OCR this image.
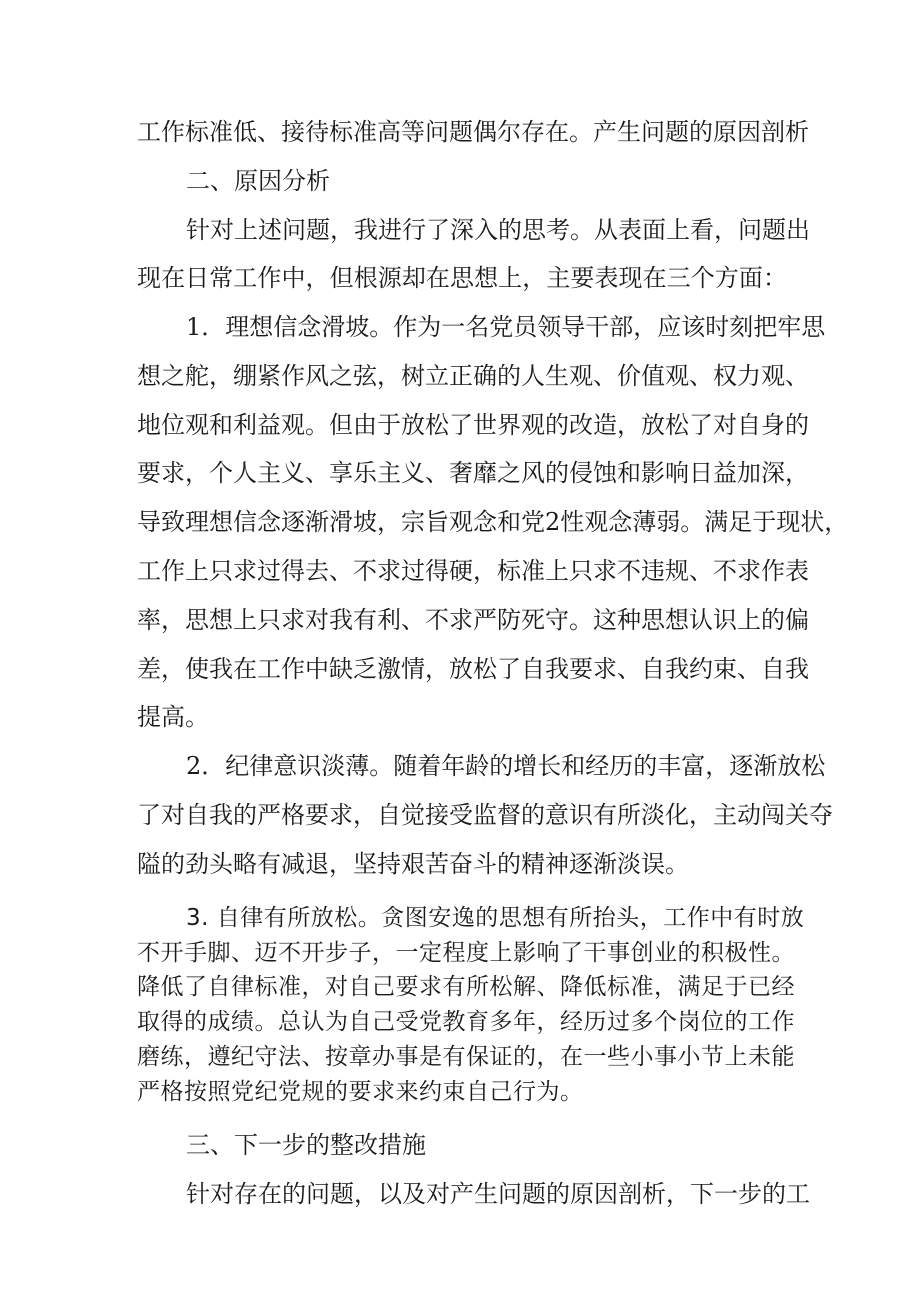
工作标准低、接待标准高等问题偶尔存在。产生问题的原因剖析

二、原因分析

针对上述问题，我进行了深入的思考。从表面上看，问题出

现在日常工作中，但根源却在思想上，主要表现在三个方面：

1．理想信念滑坡。作为一名党员领导干部，应该时刻把牢思

想之舵，绷紧作风之弦，树立正确的人生观、价值观、权力观、

地位观和利益观。但由于放松了世界观的改造，放松了对自身的

要求，个人主义、享乐主义、奢靡之风的侵蚀和影响日益加深，

导致理想信念逐渐滑坡，宗旨观念和党2性观念薄弱。满足于现状，

工作上只求过得去、不求过得硬，标准上只求不违规、不求作表

率，思想上只求对我有利、不求严防死守。这种思想认识上的偏

差，使我在工作中缺乏激情，放松了自我要求、自我约束、自我

提高。

2．纪律意识淡薄。随着年龄的增长和经历的丰富，逐渐放松

了对自我的严格要求，自觉接受监督的意识有所淡化，主动闯关夺

隘的劲头略有减退，坚持艰苦奋斗的精神逐渐淡误。

3. 自律有所放松。贪图安逸的思想有所抬头，工作中有时放

不开手脚、迈不开步子，一定程度上影响了干事创业的积极性。

降低了自律标准，对自己要求有所松解、降低标准，满足于已经

取得的成绩。总认为自己受党教育多年，经历过多个岗位的工作

磨练，遵纪守法、按章办事是有保证的，在一些小事小节上未能

严格按照党纪党规的要求来约束自己行为。

三、下一步的整改措施

针对存在的问题，以及对产生问题的原因剖析，下一步的工
